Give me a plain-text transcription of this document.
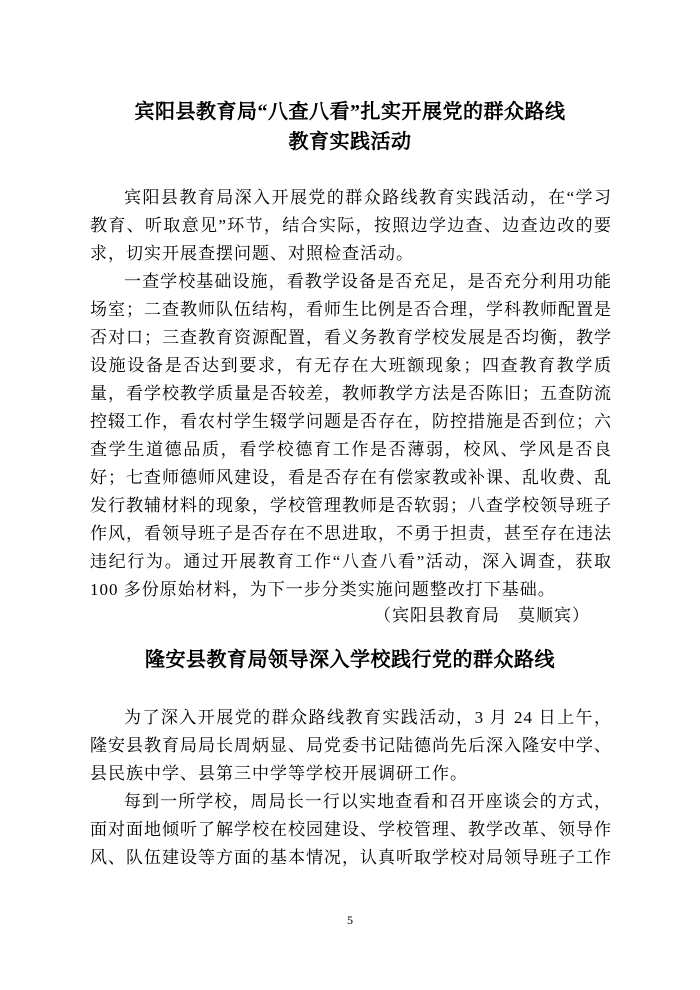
宾阳县教育局“八查八看”扎实开展党的群众路线
教育实践活动

宾阳县教育局深入开展党的群众路线教育实践活动，在“学习教育、听取意见”环节，结合实际，按照边学边查、边查边改的要求，切实开展查摆问题、对照检查活动。

一查学校基础设施，看教学设备是否充足，是否充分利用功能场室；二查教师队伍结构，看师生比例是否合理，学科教师配置是否对口；三查教育资源配置，看义务教育学校发展是否均衡，教学设施设备是否达到要求，有无存在大班额现象；四查教育教学质量，看学校教学质量是否较差，教师教学方法是否陈旧；五查防流控辍工作，看农村学生辍学问题是否存在，防控措施是否到位；六查学生道德品质，看学校德育工作是否薄弱，校风、学风是否良好；七查师德师风建设，看是否存在有偿家教或补课、乱收费、乱发行教辅材料的现象，学校管理教师是否软弱；八查学校领导班子作风，看领导班子是否存在不思进取，不勇于担责，甚至存在违法违纪行为。通过开展教育工作“八查八看”活动，深入调查，获取 100 多份原始材料，为下一步分类实施问题整改打下基础。

（宾阳县教育局　莫顺宾）

隆安县教育局领导深入学校践行党的群众路线

为了深入开展党的群众路线教育实践活动，3 月 24 日上午，隆安县教育局局长周炳显、局党委书记陆德尚先后深入隆安中学、县民族中学、县第三中学等学校开展调研工作。

每到一所学校，周局长一行以实地查看和召开座谈会的方式，面对面地倾听了解学校在校园建设、学校管理、教学改革、领导作风、队伍建设等方面的基本情况，认真听取学校对局领导班子工作

5
